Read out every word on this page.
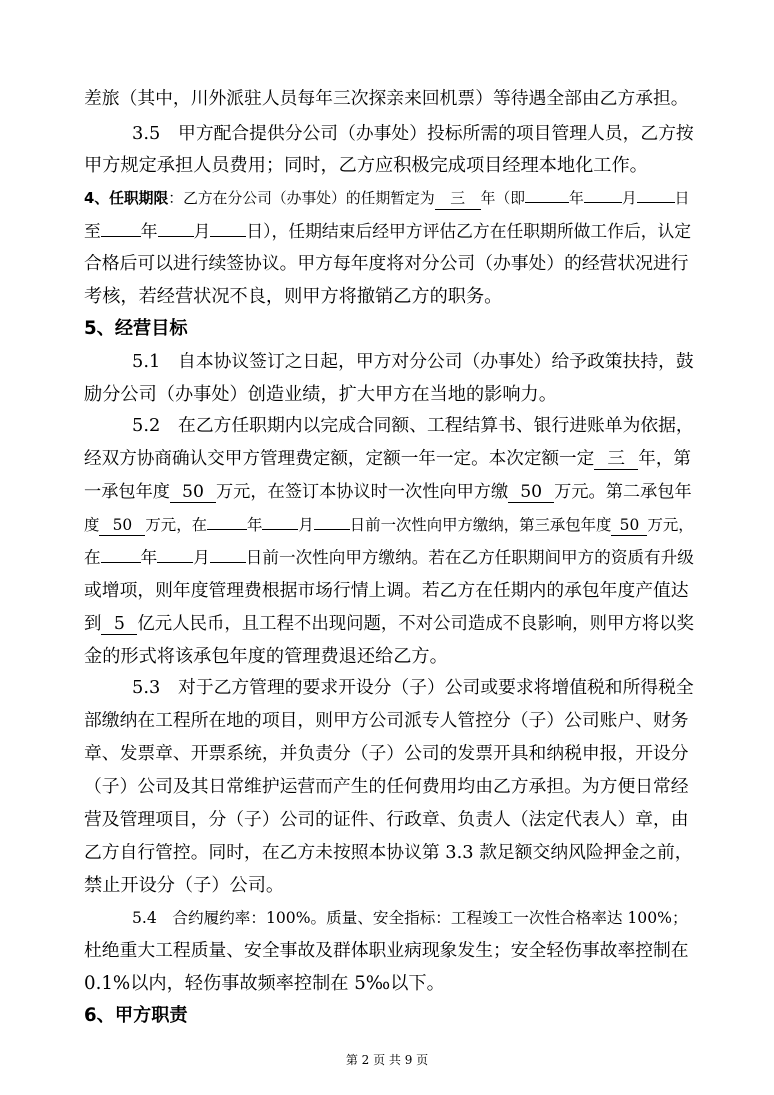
差旅（其中，川外派驻人员每年三次探亲来回机票）等待遇全部由乙方承担。
3.5　甲方配合提供分公司（办事处）投标所需的项目管理人员，乙方按
甲方规定承担人员费用；同时，乙方应积极完成项目经理本地化工作。
4、任职期限：乙方在分公司（办事处）的任期暂定为 三 年（即	年	月	日
至 年 月 日），任期结束后经甲方评估乙方在任职期所做工作后，认定
合格后可以进行续签协议。甲方每年度将对分公司（办事处）的经营状况进行
考核，若经营状况不良，则甲方将撤销乙方的职务。
5、经营目标
5.1　自本协议签订之日起，甲方对分公司（办事处）给予政策扶持，鼓
励分公司（办事处）创造业绩，扩大甲方在当地的影响力。
5.2　在乙方任职期内以完成合同额、工程结算书、银行进账单为依据，
经双方协商确认交甲方管理费定额，定额一年一定。本次定额一定 三 年，第
一承包年度 50 万元，在签订本协议时一次性向甲方缴 50 万元。第二承包年
度 50 万元，在	年 月 日前一次性向甲方缴纳，第三承包年度 50 万元，
在 年 月 日前一次性向甲方缴纳。若在乙方任职期间甲方的资质有升级
或增项，则年度管理费根据市场行情上调。若乙方在任期内的承包年度产值达
到 5 亿元人民币，且工程不出现问题，不对公司造成不良影响，则甲方将以奖
金的形式将该承包年度的管理费退还给乙方。
5.3　对于乙方管理的要求开设分（子）公司或要求将增值税和所得税全
部缴纳在工程所在地的项目，则甲方公司派专人管控分（子）公司账户、财务
章、发票章、开票系统，并负责分（子）公司的发票开具和纳税申报，开设分
（子）公司及其日常维护运营而产生的任何费用均由乙方承担。为方便日常经
营及管理项目，分（子）公司的证件、行政章、负责人（法定代表人）章，由
乙方自行管控。同时，在乙方未按照本协议第 3.3 款足额交纳风险押金之前，
禁止开设分（子）公司。
5.4　合约履约率：100%。质量、安全指标：工程竣工一次性合格率达 100%；
杜绝重大工程质量、安全事故及群体职业病现象发生；安全轻伤事故率控制在
0.1%以内，轻伤事故频率控制在 5‰以下。
6、甲方职责
第 2 页 共 9 页
